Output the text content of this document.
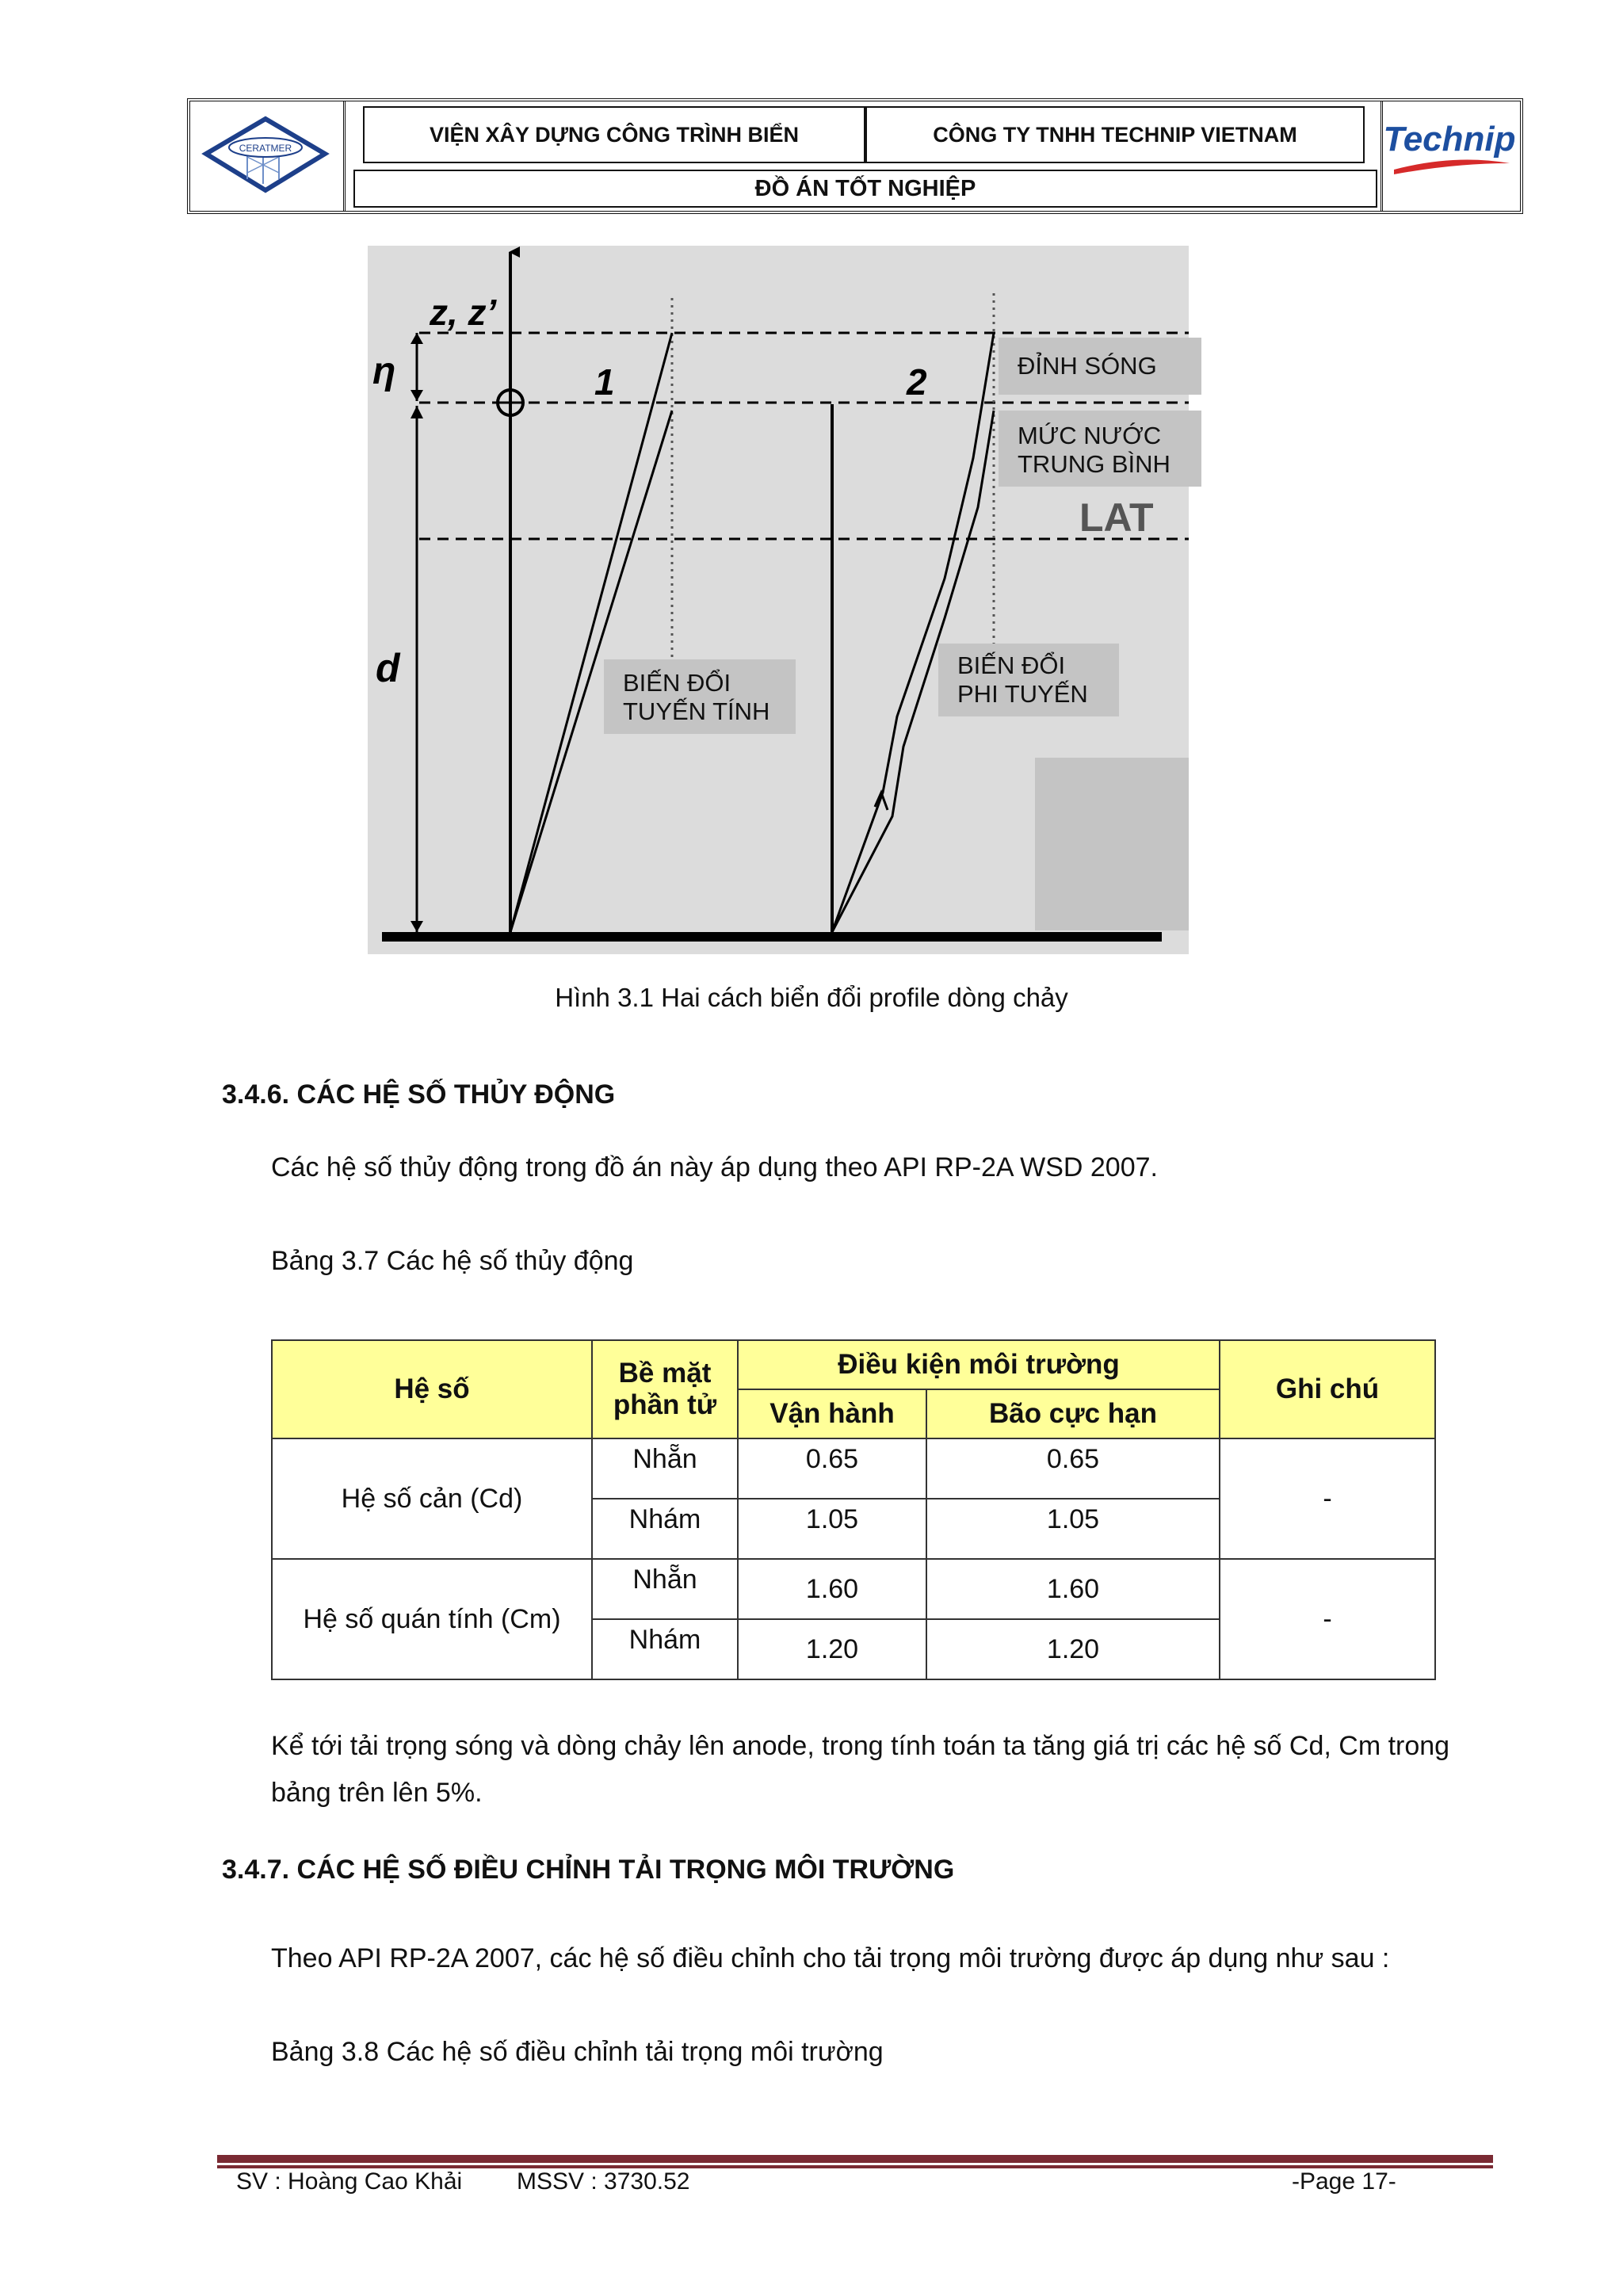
CERATMER
VIỆN XÂY DỰNG CÔNG TRÌNH BIỂN	CÔNG TY TNHH TECHNIP VIETNAM
ĐỒ ÁN TỐT NGHIỆP
Technip
z, z’
η
d
1	2
LAT
ĐỈNH SÓNG
MỨC NƯỚC
TRUNG BÌNH
BIẾN ĐỔI
TUYẾN TÍNH
BIẾN ĐỔI
PHI TUYẾN
Hình 3.1 Hai cách biển đổi profile dòng chảy
3.4.6. CÁC HỆ SỐ THỦY ĐỘNG
Các hệ số thủy động trong đồ án này áp dụng theo API RP-2A WSD 2007.
Bảng 3.7 Các hệ số thủy động
Hệ số	Bề mặt phần tử	Điều kiện môi trường		Ghi chú
		Vận hành	Bão cực hạn	
Hệ số cản (Cd)	Nhẵn	0.65	0.65	-
	Nhám	1.05	1.05	
Hệ số quán tính (Cm)	Nhẵn	1.60	1.60	-
	Nhám	1.20	1.20	
Kể tới tải trọng sóng và dòng chảy lên anode, trong tính toán ta tăng giá trị các hệ số Cd, Cm trong bảng trên lên 5%.
3.4.7. CÁC HỆ SỐ ĐIỀU CHỈNH TẢI TRỌNG MÔI TRƯỜNG
Theo API RP-2A 2007, các hệ số điều chỉnh cho tải trọng môi trường được áp dụng như sau :
Bảng 3.8 Các hệ số điều chỉnh tải trọng môi trường
SV : Hoàng Cao Khải MSSV : 3730.52	-Page 17-
